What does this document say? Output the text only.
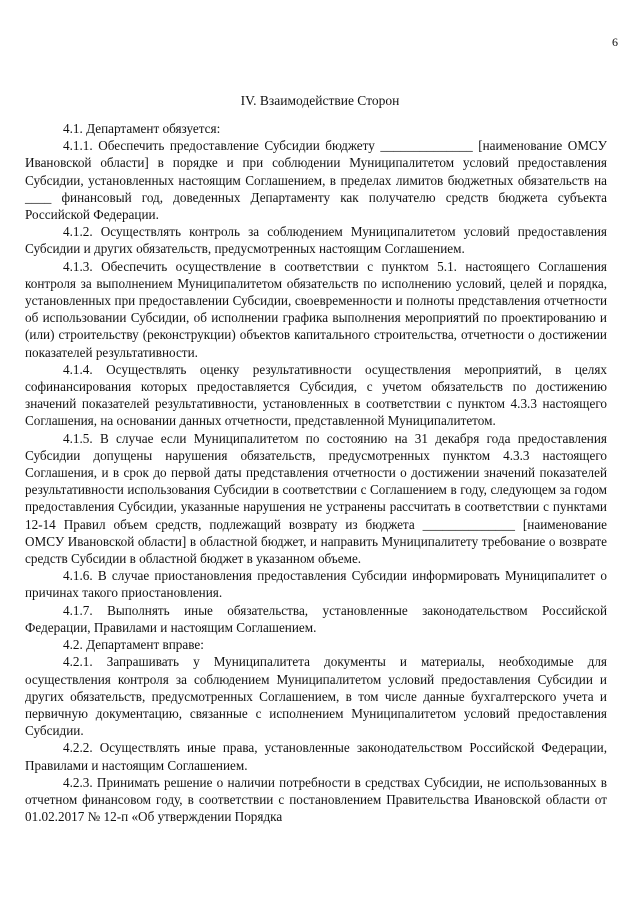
6
IV. Взаимодействие Сторон

4.1. Департамент обязуется:

4.1.1. Обеспечить предоставление Субсидии бюджету ______________ [наименование ОМСУ Ивановской области] в порядке и при соблюдении Муниципалитетом условий предоставления Субсидии, установленных настоящим Соглашением, в пределах лимитов бюджетных обязательств на ____ финансовый год, доведенных Департаменту как получателю средств бюджета субъекта Российской Федерации.

4.1.2. Осуществлять контроль за соблюдением Муниципалитетом условий предоставления Субсидии и других обязательств, предусмотренных настоящим Соглашением.

4.1.3. Обеспечить осуществление в соответствии с пунктом 5.1. настоящего Соглашения контроля за выполнением Муниципалитетом обязательств по исполнению условий, целей и порядка, установленных при предоставлении Субсидии, своевременности и полноты представления отчетности об использовании Субсидии, об исполнении графика выполнения мероприятий по проектированию и (или) строительству (реконструкции) объектов капитального строительства, отчетности о достижении показателей результативности.

4.1.4. Осуществлять оценку результативности осуществления мероприятий, в целях софинансирования которых предоставляется Субсидия, с учетом обязательств по достижению значений показателей результативности, установленных в соответствии с пунктом 4.3.3 настоящего Соглашения, на основании данных отчетности, представленной Муниципалитетом.

4.1.5. В случае если Муниципалитетом по состоянию на 31 декабря года предоставления Субсидии допущены нарушения обязательств, предусмотренных пунктом 4.3.3 настоящего Соглашения, и в срок до первой даты представления отчетности о достижении значений показателей результативности использования Субсидии в соответствии с Соглашением в году, следующем за годом предоставления Субсидии, указанные нарушения не устранены рассчитать в соответствии с пунктами 12-14 Правил объем средств, подлежащий возврату из бюджета ______________ [наименование ОМСУ Ивановской области] в областной бюджет, и направить Муниципалитету требование о возврате средств Субсидии в областной бюджет в указанном объеме.

4.1.6. В случае приостановления предоставления Субсидии информировать Муниципалитет о причинах такого приостановления.

4.1.7. Выполнять иные обязательства, установленные законодательством Российской Федерации, Правилами и настоящим Соглашением.

4.2. Департамент вправе:

4.2.1. Запрашивать у Муниципалитета документы и материалы, необходимые для осуществления контроля за соблюдением Муниципалитетом условий предоставления Субсидии и других обязательств, предусмотренных Соглашением, в том числе данные бухгалтерского учета и первичную документацию, связанные с исполнением Муниципалитетом условий предоставления Субсидии.

4.2.2. Осуществлять иные права, установленные законодательством Российской Федерации, Правилами и настоящим Соглашением.

4.2.3. Принимать решение о наличии потребности в средствах Субсидии, не использованных в отчетном финансовом году, в соответствии с постановлением Правительства Ивановской области от 01.02.2017 № 12-п «Об утверждении Порядка
